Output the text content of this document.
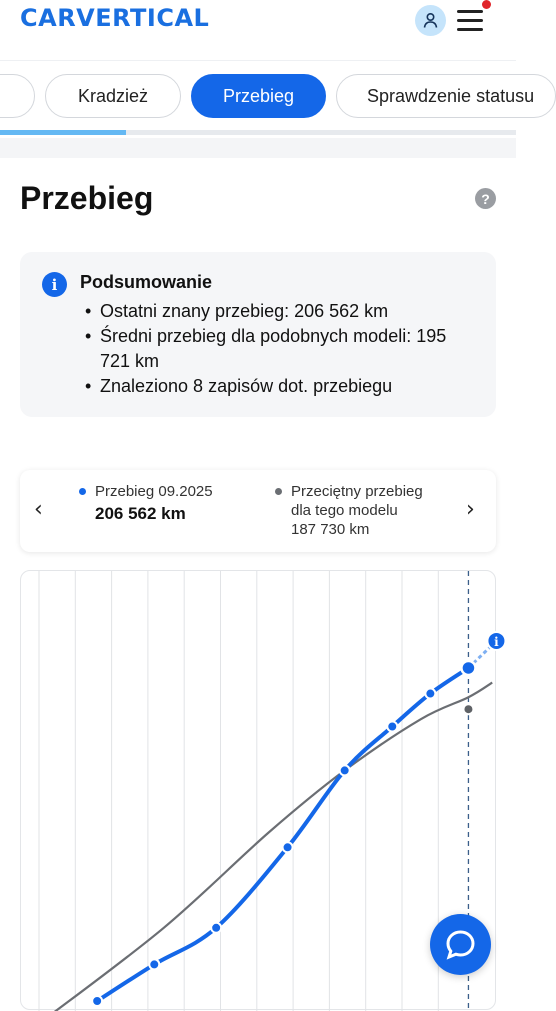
CARVERTICAL
Kradzież	Przebieg	Sprawdzenie statusu
Przebieg	?
i	Podsumowanie
• Ostatni znany przebieg: 206 562 km
• Średni przebieg dla podobnych modeli: 195 721 km
• Znaleziono 8 zapisów dot. przebiegu
‹
Przebieg 09.2025
206 562 km
Przeciętny przebieg
dla tego modelu
187 730 km
›
i
